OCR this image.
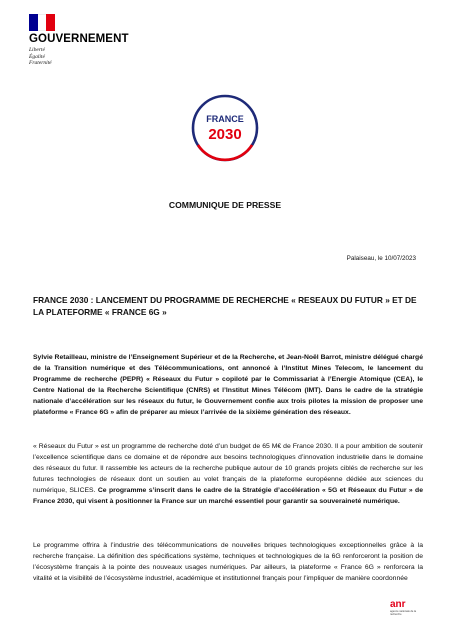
GOUVERNEMENT
Liberté
Égalité
Fraternité
FRANCE
2030
COMMUNIQUE DE PRESSE
Palaiseau, le 10/07/2023
FRANCE 2030 : LANCEMENT DU PROGRAMME DE RECHERCHE « RESEAUX DU FUTUR » ET DE LA PLATEFORME « FRANCE 6G »

Sylvie Retailleau, ministre de l’Enseignement Supérieur et de la Recherche, et Jean-Noël Barrot, ministre délégué chargé de la Transition numérique et des Télécommunications, ont annoncé à l’Institut Mines Telecom, le lancement du Programme de recherche (PEPR) « Réseaux du Futur » copiloté par le Commissariat à l’Energie Atomique (CEA), le Centre National de la Recherche Scientifique (CNRS) et l’Institut Mines Télécom (IMT). Dans le cadre de la stratégie nationale d’accélération sur les réseaux du futur, le Gouvernement confie aux trois pilotes la mission de proposer une plateforme « France 6G » afin de préparer au mieux l’arrivée de la sixième génération des réseaux.

« Réseaux du Futur » est un programme de recherche doté d’un budget de 65 M€ de France 2030. Il a pour ambition de soutenir l’excellence scientifique dans ce domaine et de répondre aux besoins technologiques d’innovation industrielle dans le domaine des réseaux du futur. Il rassemble les acteurs de la recherche publique autour de 10 grands projets ciblés de recherche sur les futures technologies de réseaux dont un soutien au volet français de la plateforme européenne dédiée aux sciences du numérique, SLICES. Ce programme s’inscrit dans le cadre de la Stratégie d’accélération « 5G et Réseaux du Futur » de France 2030, qui visent à positionner la France sur un marché essentiel pour garantir sa souveraineté numérique.

Le programme offrira à l’industrie des télécommunications de nouvelles briques technologiques exceptionnelles grâce à la recherche française. La définition des spécifications système, techniques et technologiques de la 6G renforceront la position de l’écosystème français à la pointe des nouveaux usages numériques. Par ailleurs, la plateforme « France 6G » renforcera la vitalité et la visibilité de l’écosystème industriel, académique et institutionnel français pour l’impliquer de manière coordonnée

anr
agence nationale de la recherche
